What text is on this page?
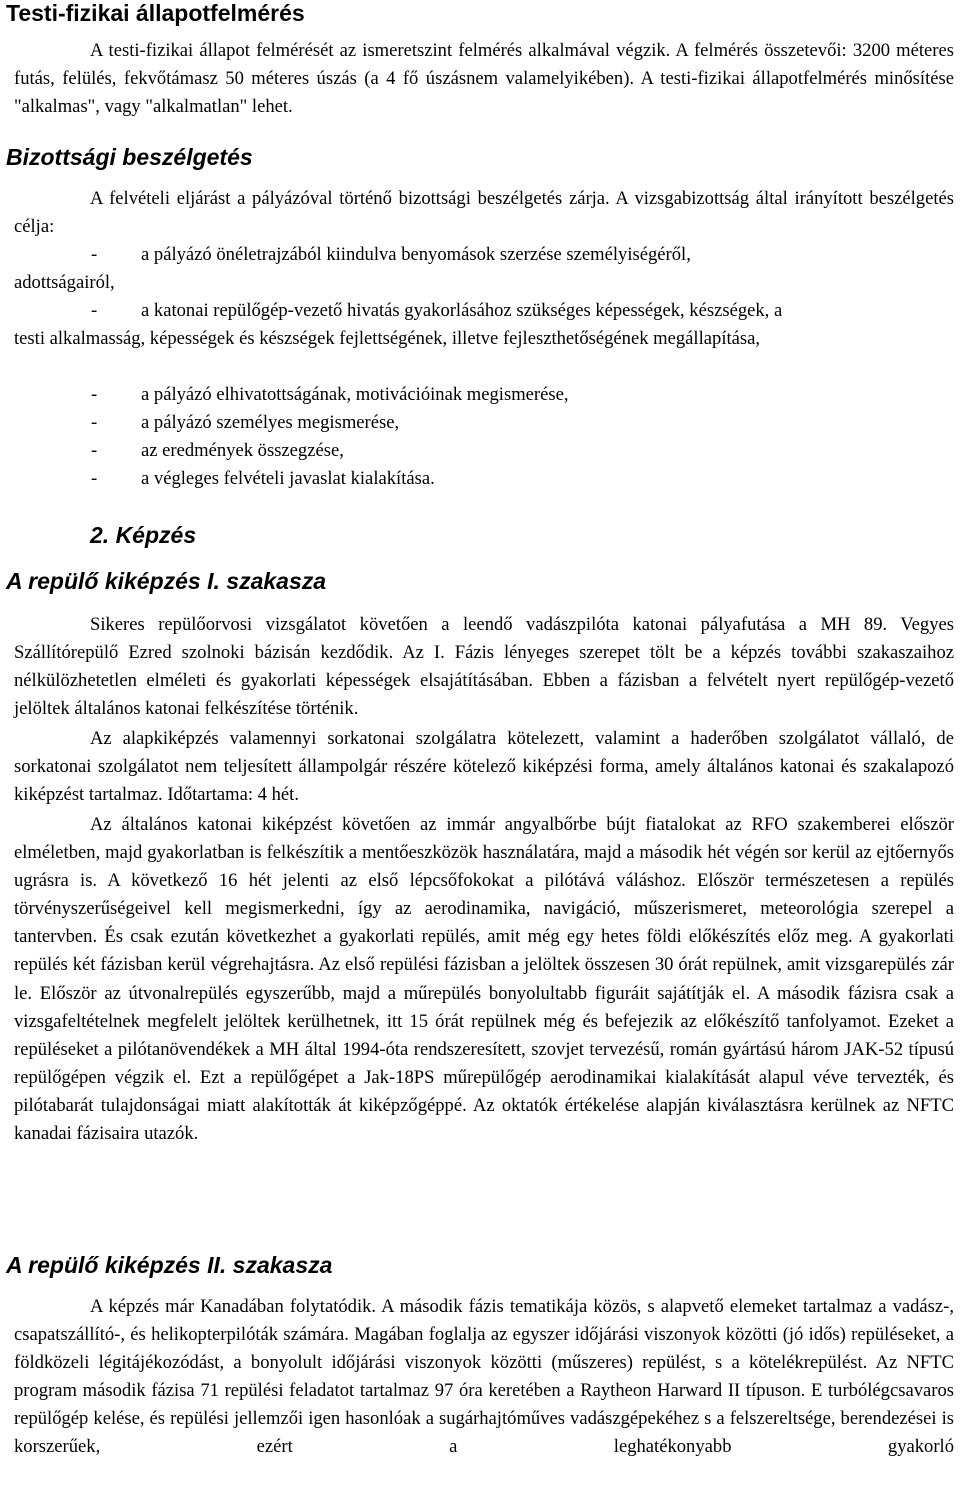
Testi-fizikai állapotfelmérés

A testi-fizikai állapot felmérését az ismeretszint felmérés alkalmával végzik. A felmérés összetevői: 3200 méteres futás, felülés, fekvőtámasz 50 méteres úszás (a 4 fő úszásnem valamelyikében). A testi-fizikai állapotfelmérés minősítése "alkalmas", vagy "alkalmatlan" lehet.

Bizottsági beszélgetés

A felvételi eljárást a pályázóval történő bizottsági beszélgetés zárja. A vizsgabizottság által irányított beszélgetés célja:

- a pályázó önéletrajzából kiindulva benyomások szerzése személyiségéről,
adottságairól,
- a katonai repülőgép-vezető hivatás gyakorlásához szükséges képességek, készségek, a

testi alkalmasság, képességek és készségek fejlettségének, illetve fejleszthetőségének megállapítása,

- a pályázó elhivatottságának, motivációinak megismerése,
- a pályázó személyes megismerése,
- az eredmények összegzése,
- a végleges felvételi javaslat kialakítása.
2. Képzés
A repülő kiképzés I. szakasza

Sikeres repülőorvosi vizsgálatot követően a leendő vadászpilóta katonai pályafutása a MH 89. Vegyes Szállítórepülő Ezred szolnoki bázisán kezdődik. Az I. Fázis lényeges szerepet tölt be a képzés további szakaszaihoz nélkülözhetetlen elméleti és gyakorlati képességek elsajátításában. Ebben a fázisban a felvételt nyert repülőgép-vezető jelöltek általános katonai felkészítése történik.

Az alapkiképzés valamennyi sorkatonai szolgálatra kötelezett, valamint a haderőben szolgálatot vállaló, de sorkatonai szolgálatot nem teljesített állampolgár részére kötelező kiképzési forma, amely általános katonai és szakalapozó kiképzést tartalmaz. Időtartama: 4 hét.

Az általános katonai kiképzést követően az immár angyalbőrbe bújt fiatalokat az RFO szakemberei először elméletben, majd gyakorlatban is felkészítik a mentőeszközök használatára, majd a második hét végén sor kerül az ejtőernyős ugrásra is. A következő 16 hét jelenti az első lépcsőfokokat a pilótává váláshoz. Először természetesen a repülés törvényszerűségeivel kell megismerkedni, így az aerodinamika, navigáció, műszerismeret, meteorológia szerepel a tantervben. És csak ezután következhet a gyakorlati repülés, amit még egy hetes földi előkészítés előz meg. A gyakorlati repülés két fázisban kerül végrehajtásra. Az első repülési fázisban a jelöltek összesen 30 órát repülnek, amit vizsgarepülés zár le. Először az útvonalrepülés egyszerűbb, majd a műrepülés bonyolultabb figuráit sajátítják el. A második fázisra csak a vizsgafeltételnek megfelelt jelöltek kerülhetnek, itt 15 órát repülnek még és befejezik az előkészítő tanfolyamot. Ezeket a repüléseket a pilótanövendékek a MH által 1994-óta rendszeresített, szovjet tervezésű, román gyártású három JAK-52 típusú repülőgépen végzik el. Ezt a repülőgépet a Jak-18PS műrepülőgép aerodinamikai kialakítását alapul véve tervezték, és pilótabarát tulajdonságai miatt alakították át kiképzőgéppé. Az oktatók értékelése alapján kiválasztásra kerülnek az NFTC kanadai fázisaira utazók.

A repülő kiképzés II. szakasza

A képzés már Kanadában folytatódik. A második fázis tematikája közös, s alapvető elemeket tartalmaz a vadász-, csapatszállító-, és helikopterpilóták számára. Magában foglalja az egyszer időjárási viszonyok közötti (jó idős) repüléseket, a földközeli légitájékozódást, a bonyolult időjárási viszonyok közötti (műszeres) repülést, s a kötelékrepülést. Az NFTC program második fázisa 71 repülési feladatot tartalmaz 97 óra keretében a Raytheon Harward II típuson. E turbólégcsavaros repülőgép kelése, és repülési jellemzői igen hasonlóak a sugárhajtóműves vadászgépekéhez s a felszereltsége, berendezései is korszerűek, ezért a leghatékonyabb gyakorló
